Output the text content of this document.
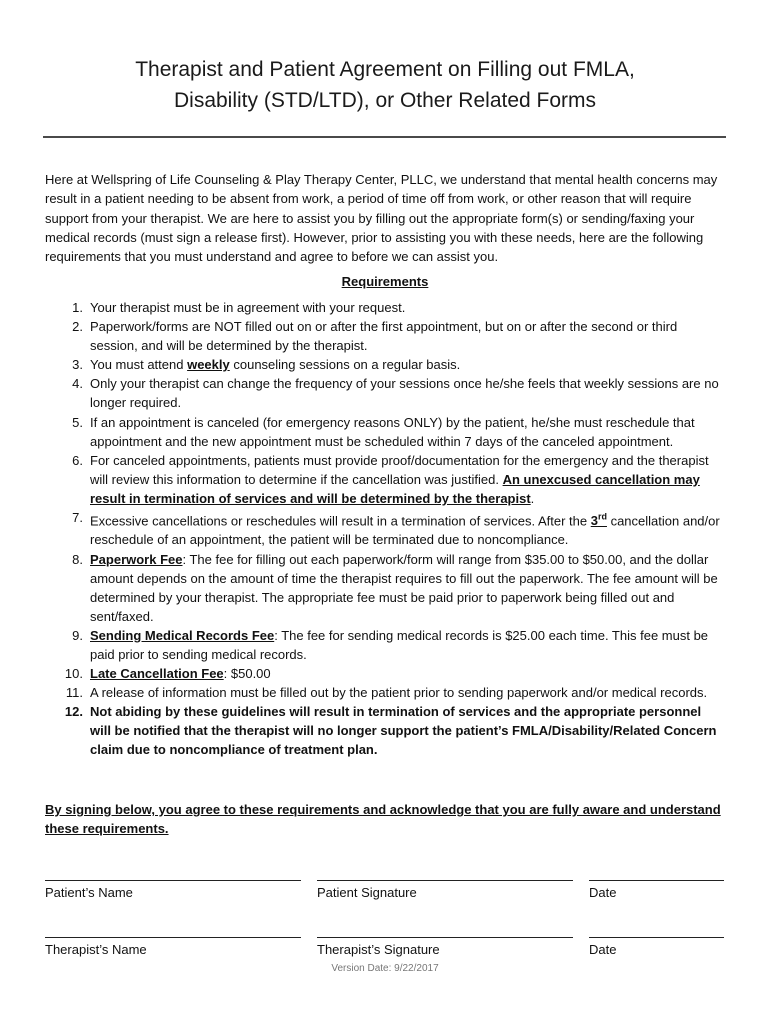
Therapist and Patient Agreement on Filling out FMLA,
Disability (STD/LTD), or Other Related Forms

Here at Wellspring of Life Counseling & Play Therapy Center, PLLC, we understand that mental health concerns may result in a patient needing to be absent from work, a period of time off from work, or other reason that will require support from your therapist. We are here to assist you by filling out the appropriate form(s) or sending/faxing your medical records (must sign a release first). However, prior to assisting you with these needs, here are the following requirements that you must understand and agree to before we can assist you.

Requirements
1. Your therapist must be in agreement with your request.
2. Paperwork/forms are NOT filled out on or after the first appointment, but on or after the second or third session, and will be determined by the therapist.
3. You must attend weekly counseling sessions on a regular basis.
4. Only your therapist can change the frequency of your sessions once he/she feels that weekly sessions are no longer required.
5. If an appointment is canceled (for emergency reasons ONLY) by the patient, he/she must reschedule that appointment and the new appointment must be scheduled within 7 days of the canceled appointment.
6. For canceled appointments, patients must provide proof/documentation for the emergency and the therapist will review this information to determine if the cancellation was justified. An unexcused cancellation may result in termination of services and will be determined by the therapist.
7. Excessive cancellations or reschedules will result in a termination of services. After the 3rd cancellation and/or reschedule of an appointment, the patient will be terminated due to noncompliance.
8. Paperwork Fee: The fee for filling out each paperwork/form will range from $35.00 to $50.00, and the dollar amount depends on the amount of time the therapist requires to fill out the paperwork. The fee amount will be determined by your therapist. The appropriate fee must be paid prior to paperwork being filled out and sent/faxed.
9. Sending Medical Records Fee: The fee for sending medical records is $25.00 each time. This fee must be paid prior to sending medical records.
10. Late Cancellation Fee: $50.00
11. A release of information must be filled out by the patient prior to sending paperwork and/or medical records.
12. Not abiding by these guidelines will result in termination of services and the appropriate personnel will be notified that the therapist will no longer support the patient’s FMLA/Disability/Related Concern claim due to noncompliance of treatment plan.

By signing below, you agree to these requirements and acknowledge that you are fully aware and understand these requirements.

Patient’s Name	Patient Signature	Date
Therapist’s Name	Therapist’s Signature	Date
Version Date: 9/22/2017
